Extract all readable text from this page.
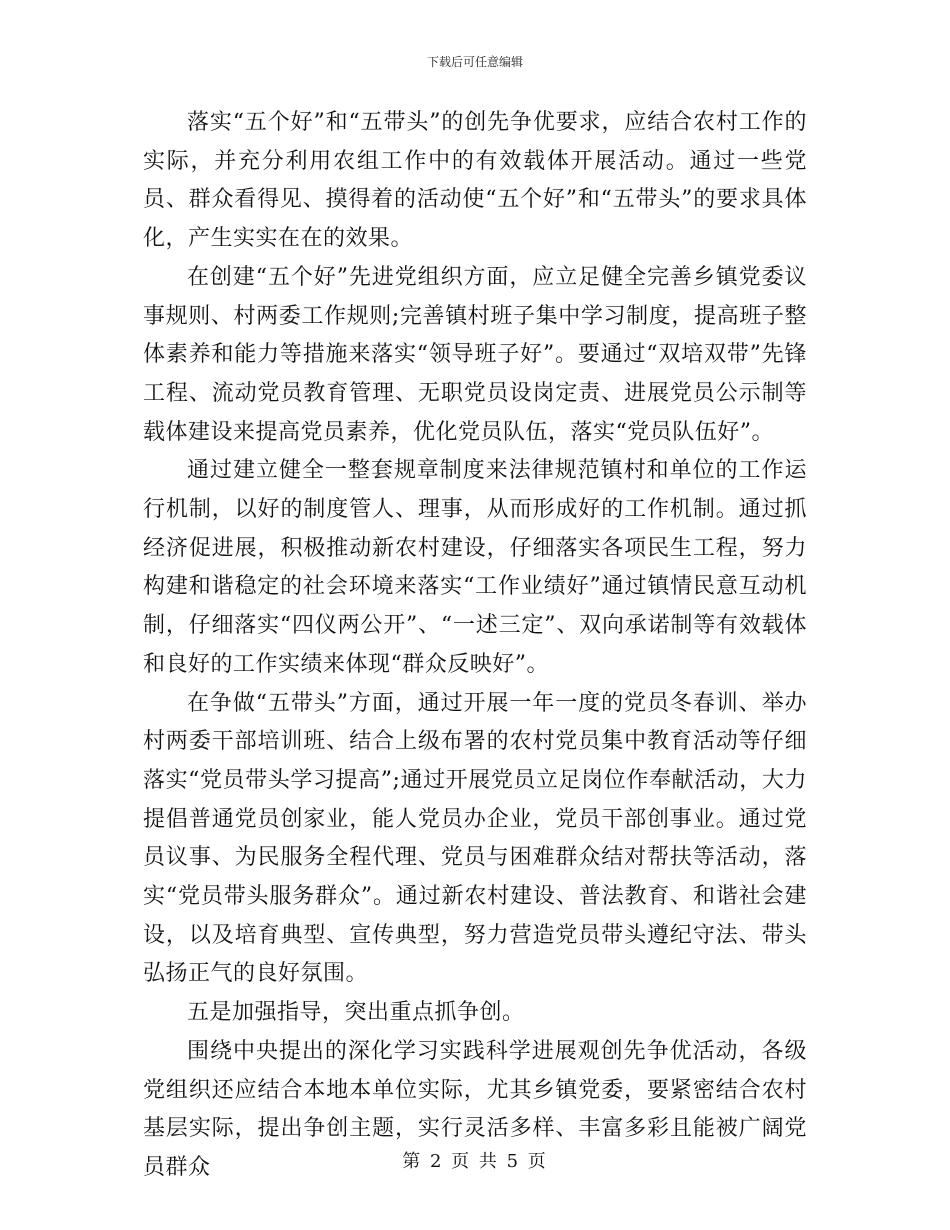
下载后可任意编辑

落实“五个好”和“五带头”的创先争优要求，应结合农村工作的实际，并充分利用农组工作中的有效载体开展活动。通过一些党员、群众看得见、摸得着的活动使“五个好”和“五带头”的要求具体化，产生实实在在的效果。

在创建“五个好”先进党组织方面，应立足健全完善乡镇党委议事规则、村两委工作规则;完善镇村班子集中学习制度，提高班子整体素养和能力等措施来落实“领导班子好”。要通过“双培双带”先锋工程、流动党员教育管理、无职党员设岗定责、进展党员公示制等载体建设来提高党员素养，优化党员队伍，落实“党员队伍好”。

通过建立健全一整套规章制度来法律规范镇村和单位的工作运行机制，以好的制度管人、理事，从而形成好的工作机制。通过抓经济促进展，积极推动新农村建设，仔细落实各项民生工程，努力构建和谐稳定的社会环境来落实“工作业绩好”通过镇情民意互动机制，仔细落实“四仪两公开”、“一述三定”、双向承诺制等有效载体和良好的工作实绩来体现“群众反映好”。

在争做“五带头”方面，通过开展一年一度的党员冬春训、举办村两委干部培训班、结合上级布署的农村党员集中教育活动等仔细落实“党员带头学习提高”;通过开展党员立足岗位作奉献活动，大力提倡普通党员创家业，能人党员办企业，党员干部创事业。通过党员议事、为民服务全程代理、党员与困难群众结对帮扶等活动，落实“党员带头服务群众”。通过新农村建设、普法教育、和谐社会建设，以及培育典型、宣传典型，努力营造党员带头遵纪守法、带头弘扬正气的良好氛围。

五是加强指导，突出重点抓争创。

围绕中央提出的深化学习实践科学进展观创先争优活动，各级党组织还应结合本地本单位实际，尤其乡镇党委，要紧密结合农村基层实际，提出争创主题，实行灵活多样、丰富多彩且能被广阔党员群众	第 2 页 共 5 页
